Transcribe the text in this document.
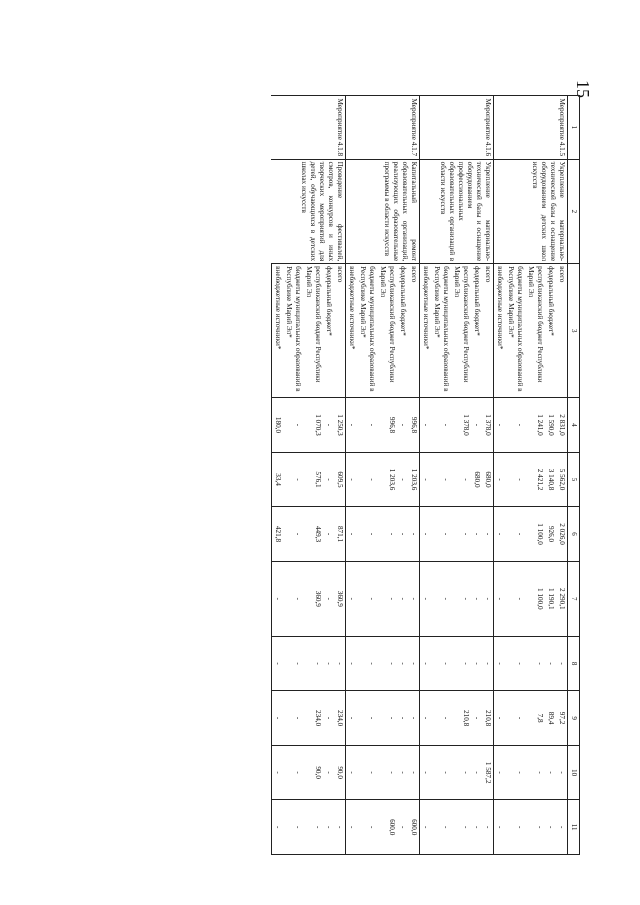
15
1	2	3	4	5	6	7	8	9	10	11
Мероприятие 4.1.5	Укрепление материально-технической базы и оснащение оборудованием детских школ искусств	всего	2 831,0	5 562,0	2 026,0	2 290,1	-	97,2	-	-
		федеральный бюджет*	1 590,0	3 140,8	926,0	1 190,1	-	89,4	-	-
		республиканский бюджет Республики Марий Эл	1 241,0	2 421,2	1 100,0	1 100,0	-	7,8	-	-
		бюджеты муниципальных образований в Республике Марий Эл*	-	-	-	-	-	-	-	-
		внебюджетные источники*	-	-	-	-	-	-	-	-
Мероприятие 4.1.6	Укрепление материально-технической базы и оснащение оборудованием профессиональных образовательных организаций в области искусств	всего	1 378,0	680,0	-	-	-	210,8	1 587,2	-
		федеральный бюджет*	-	680,0	-	-	-	-	-	-
		республиканский бюджет Республики Марий Эл	1 378,0	-	-	-	-	210,8	-	-
		бюджеты муниципальных образований в Республике Марий Эл*	-	-	-	-	-	-	-	-
		внебюджетные источники*	-	-	-	-	-	-	-	-
Мероприятие 4.1.7	Капитальный ремонт образовательных организаций, реализующих образовательные программы в области искусств	всего	996,8	1 203,6	-	-	-	-	-	600,0
		федеральный бюджет*	-	-	-	-	-	-	-	-
		республиканский бюджет Республики Марий Эл	996,8	1 203,6	-	-	-	-	-	600,0
		бюджеты муниципальных образований в Республике Марий Эл*	-	-	-	-	-	-	-	-
		внебюджетные источники*	-	-	-	-	-	-	-	-
Мероприятие 4.1.8	Проведение фестивалей, смотров, конкурсов и иных творческих мероприятий для детей, обучающихся в детских школах искусств	всего	1 250,3	609,5	871,1	360,9	-	234,0	90,0	-
		федеральный бюджет*	-	-	-	-	-	-	-	-
		республиканский бюджет Республики Марий Эл	1 070,3	576,1	449,3	360,9	-	234,0	90,0	-
		бюджеты муниципальных образований в Республике Марий Эл*	-	-	-	-	-	-	-	-
		внебюджетные источники*	180,0	33,4	421,8	-	-	-	-	-
